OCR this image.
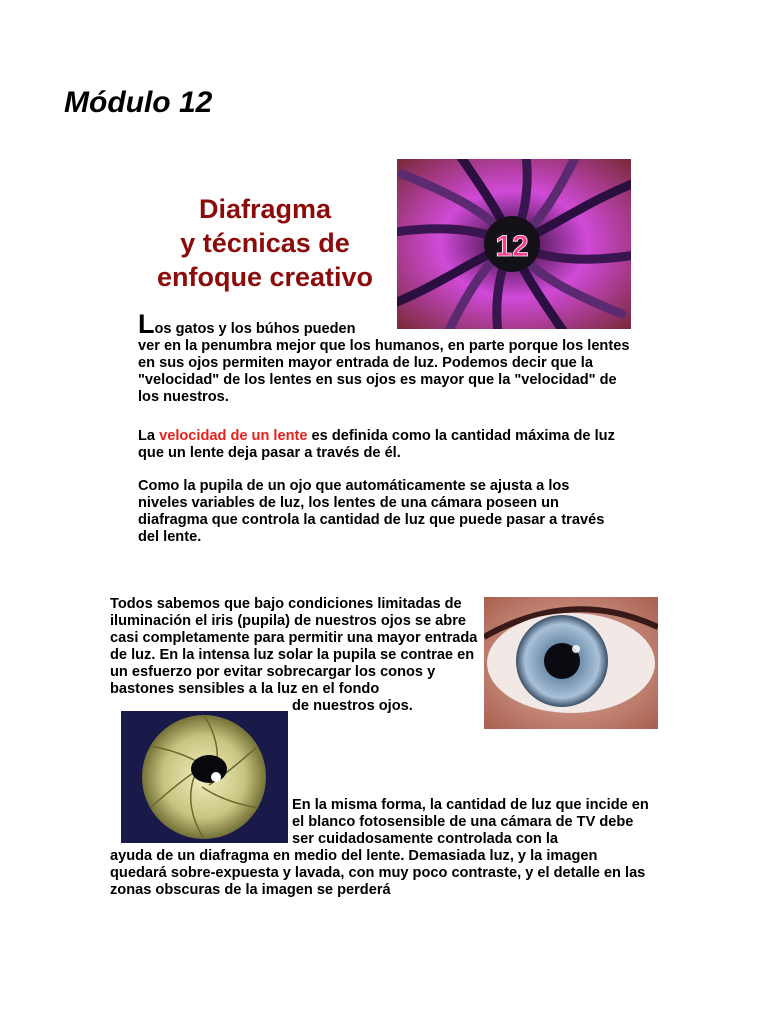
Módulo 12
Diafragma
y técnicas de
enfoque creativo
12
Los gatos y los búhos pueden
ver en la penumbra mejor que los humanos, en parte porque los lentes en sus ojos permiten mayor entrada de luz. Podemos decir que la "velocidad" de los lentes en sus ojos es mayor que la "velocidad" de los nuestros.
La velocidad de un lente es definida como la cantidad máxima de luz que un lente deja pasar a través de él.
Como la pupila de un ojo que automáticamente se ajusta a los niveles variables de luz, los lentes de una cámara poseen un diafragma que controla la cantidad de luz que puede pasar a través del lente.
Todos sabemos que bajo condiciones limitadas de iluminación el iris (pupila) de nuestros ojos se abre casi completamente para permitir una mayor entrada de luz. En la intensa luz solar la pupila se contrae en un esfuerzo por evitar sobrecargar los conos y bastones sensibles a la luz en el fondo
de nuestros ojos.
En la misma forma, la cantidad de luz que incide en el blanco fotosensible de una cámara de TV debe ser cuidadosamente controlada con la
ayuda de un diafragma en medio del lente. Demasiada luz, y la imagen quedará sobre-expuesta y lavada, con muy poco contraste, y el detalle en las zonas obscuras de la imagen se perderá
